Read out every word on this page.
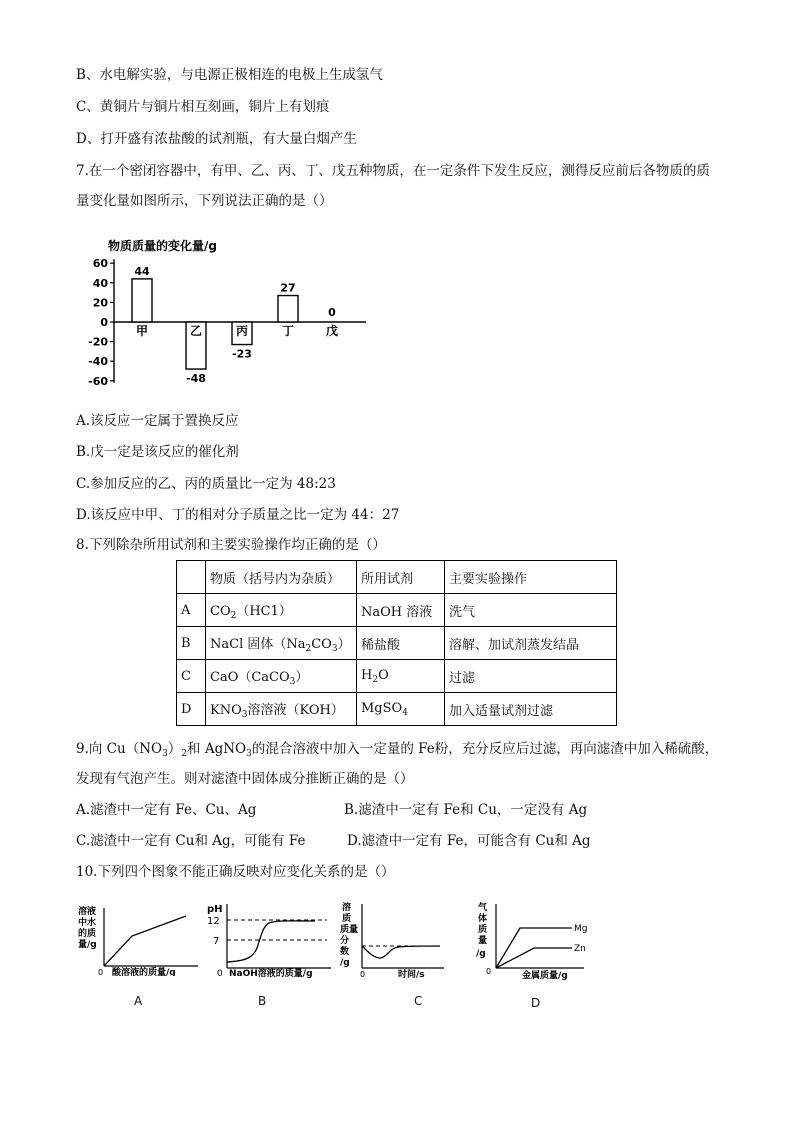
B、水电解实验，与电源正极相连的电极上生成氢气
C、黄铜片与铜片相互刻画，铜片上有划痕
D、打开盛有浓盐酸的试剂瓶，有大量白烟产生
7.在一个密闭容器中，有甲、乙、丙、丁、戊五种物质，在一定条件下发生反应，测得反应前后各物质的质
量变化量如图所示，下列说法正确的是（）
物质质量的变化量/g
60
40
20
0
-20
-40
-60
44
甲
-48
乙
-23
丙
27
丁
0
戊
A.该反应一定属于置换反应
B.戊一定是该反应的催化剂
C.参加反应的乙、丙的质量比一定为 48:23
D.该反应中甲、丁的相对分子质量之比一定为 44：27
8.下列除杂所用试剂和主要实验操作均正确的是（）
	物质（括号内为杂质）	所用试剂	主要实验操作
A	$CO_2(HC1)$	NaOH 溶液	洗气
B	NaCl 固体$(Na_2CO_3)$	稀盐酸	溶解、加试剂蒸发结晶
C	CaO（CaCO$_3$）	$H_2O$	过滤
D	$KNO_3$溶溶液（KOH）	MgSO$_4$	加入适量试剂过滤
9.向 $Cu(NO_3)_2$和 AgNO$_3$的混合溶液中加入一定量的 Fe粉，充分反应后过滤，再向滤渣中加入稀硫酸，
发现有气泡产生。则对滤渣中固体成分推断正确的是（）
A.滤渣中一定有 Fe、Cu、Ag	B.滤渣中一定有 Fe和 Cu，一定没有 Ag
C.滤渣中一定有 Cu和 Ag，可能有 Fe	D.滤渣中一定有 Fe，可能含有 Cu和 Ag
10.下列四个图象不能正确反映对应变化关系的是（）
溶液
中水
的质
量/g
0 酸溶液的质量/g
A
pH
12
7
0 NaOH溶液的质量/g
B
溶
质
质量
分
数
/g
0	时间/s
C
气
体
质
量
/g
Mg
Zn
0	金属质量/g
D
